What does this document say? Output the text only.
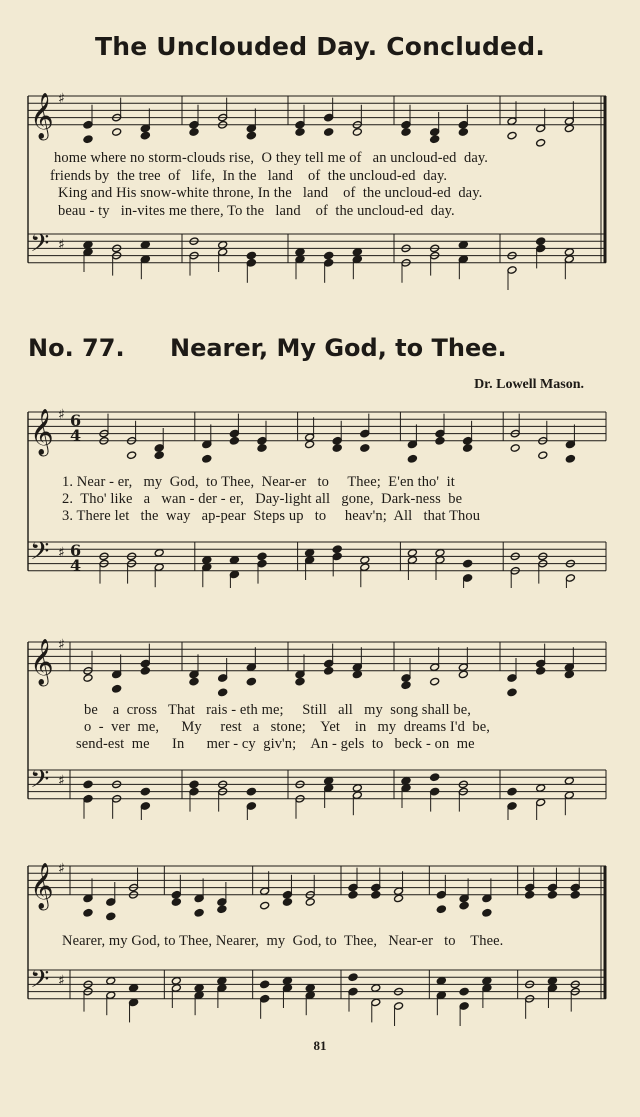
The Unclouded Day. Concluded.
𝄞 ♯
𝄢 ♯
home where no storm-clouds rise,  O they tell me of   an uncloud-ed  day.
friends by  the tree  of   life,  In the   land    of  the uncloud-ed  day.
King and His snow-white throne, In the   land    of  the uncloud-ed  day.
beau - ty   in-vites me there, To the   land    of  the uncloud-ed  day.
No. 77. Nearer, My God, to Thee.
Dr. Lowell Mason.
𝄞 ♯ 6
4
𝄢 ♯ 6
4
1. Near - er,   my  God,  to Thee,  Near-er   to     Thee;  E'en tho'  it
2.  Tho' like   a   wan - der - er,   Day-light all   gone,  Dark-ness  be
3. There let   the  way   ap-pear  Steps up   to     heav'n;  All   that Thou
𝄞 ♯
𝄢 ♯
be    a  cross   That   rais - eth me;     Still   all   my  song shall be,
o  -  ver  me,      My     rest   a   stone;    Yet    in   my  dreams I'd  be,
send-est  me      In      mer - cy  giv'n;    An - gels  to   beck - on  me
𝄞 ♯
𝄢 ♯
Nearer, my God, to Thee, Nearer,  my  God, to  Thee,   Near-er   to    Thee.
81
